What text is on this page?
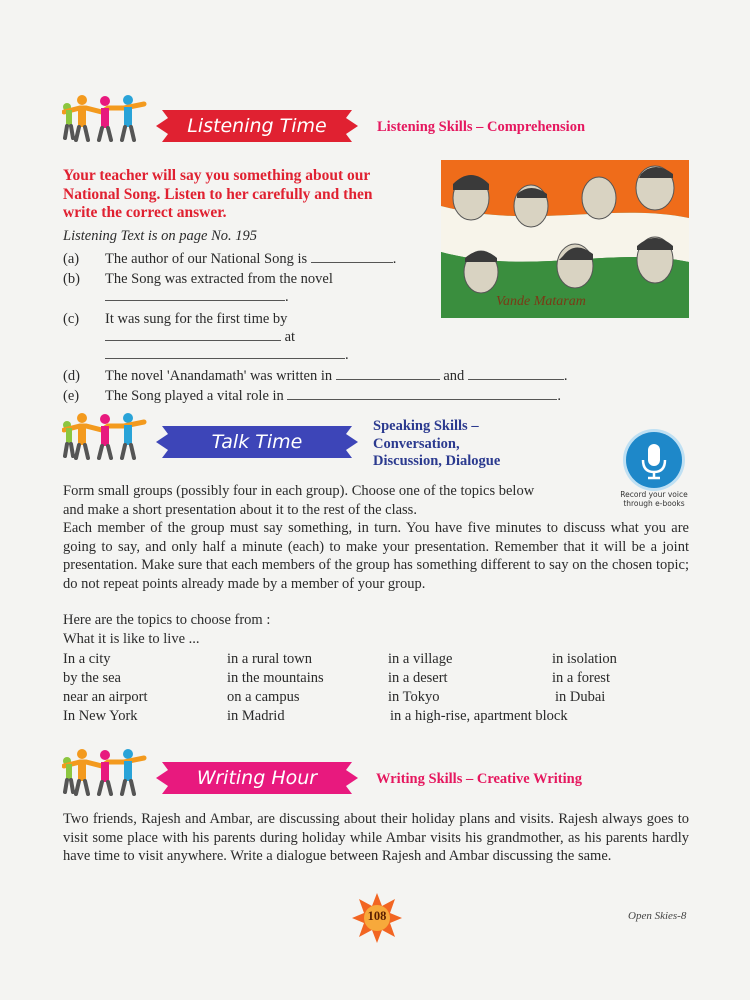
Listening Time	Listening Skills – Comprehension
Your teacher will say you something about our
National Song. Listen to her carefully and then
write the correct answer.
Listening Text is on page No. 195
Vande Mataram
(a) The author of our National Song is	.
(b) The Song was extracted from the novel
.
(c) It was sung for the first time by
at
.
(d) The novel 'Anandamath' was written in	and	.
(e) The Song played a vital role in	.
Talk Time
Speaking Skills –
Conversation,
Discussion, Dialogue
Record your voice
through e-books
Form small groups (possibly four in each group). Choose one of the topics below
and make a short presentation about it to the rest of the class.
Each member of the group must say something, in turn. You have five minutes to discuss what you are going to say, and only half a minute (each) to make your presentation. Remember that it will be a joint presentation. Make sure that each members of the group has something different to say on the chosen topic; do not repeat points already made by a member of your group.
Here are the topics to choose from :
What it is like to live ...
In a city	in a rural town	in a village	in isolation
by the sea	in the mountains	in a desert	in a forest
near an airport	on a campus	in Tokyo	in Dubai
In New York	in Madrid	in a high-rise, apartment block
Writing Hour	Writing Skills – Creative Writing
Two friends, Rajesh and Ambar, are discussing about their holiday plans and visits. Rajesh always goes to visit some place with his parents during holiday while Ambar visits his grandmother, as his parents hardly have time to visit anywhere. Write a dialogue between Rajesh and Ambar discussing the same.
108	Open Skies-8
